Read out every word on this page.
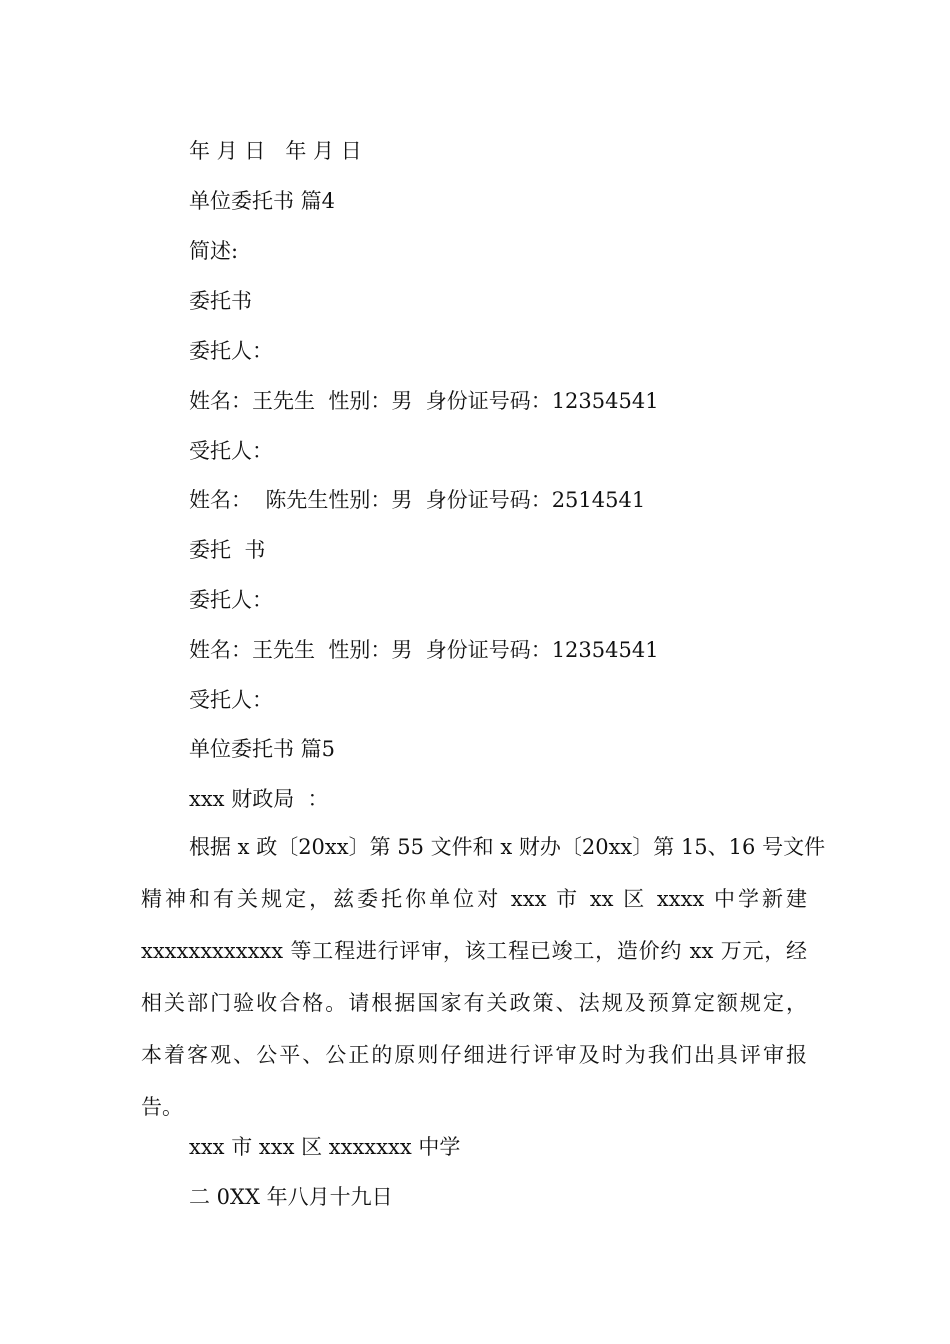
年 月 日   年 月 日

单位委托书 篇4

简述:

委托书

委托人：

姓名：王先生  性别：男  身份证号码：12354541

受托人：

姓名：  陈先生性别：男  身份证号码：2514541

委托  书

委托人：

姓名：王先生  性别：男  身份证号码：12354541

受托人：

单位委托书 篇5

xxx 财政局  ：

根据 x 政〔20xx〕第 55 文件和 x 财办〔20xx〕第 15、16 号文件
精神和有关规定，兹委托你单位对 xxx 市 xx 区 xxxx 中学新建
xxxxxxxxxxxx 等工程进行评审，该工程已竣工，造价约 xx 万元，经
相关部门验收合格。请根据国家有关政策、法规及预算定额规定，
本着客观、公平、公正的原则仔细进行评审及时为我们出具评审报
告。

xxx 市 xxx 区 xxxxxxx 中学

二 0XX 年八月十九日
